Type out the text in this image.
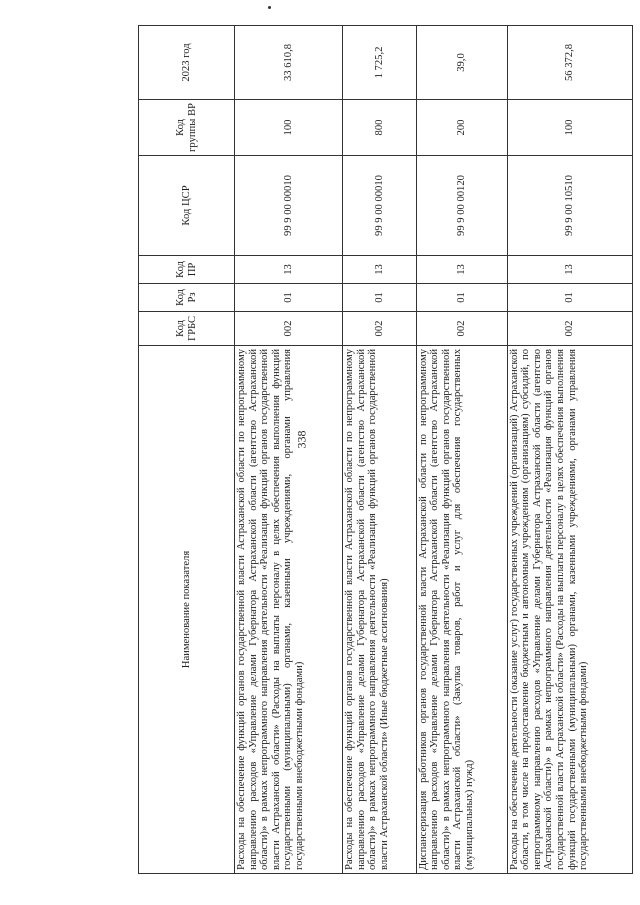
338
Наименование показателя	Код ГРБС	Код Рз	Код ПР	Код ЦСР	Код группы ВР	2023 год
Расходы на обеспечение функций органов государственной власти Астраханской области по непрограммному направлению расходов «Управление делами Губернатора Астраханской области (агентство Астраханской области)» в рамках непрограммного направления деятельности «Реализация функций органов государственной власти Астраханской области» (Расходы на выплаты персоналу в целях обеспечения выполнения функций государственными (муниципальными) органами, казенными учреждениями, органами управления государственными внебюджетными фондами)	002	01	13	99 9 00 00010	100	33 610,8
Расходы на обеспечение функций органов государственной власти Астраханской области по непрограммному направлению расходов «Управление делами Губернатора Астраханской области (агентство Астраханской области)» в рамках непрограммного направления деятельности «Реализация функций органов государственной власти Астраханской области» (Иные бюджетные ассигнования)	002	01	13	99 9 00 00010	800	1 725,2
Диспансеризация работников органов государственной власти Астраханской области по непрограммному направлению расходов «Управление делами Губернатора Астраханской области (агентство Астраханской области)» в рамках непрограммного направления деятельности «Реализация функций органов государственной власти Астраханской области» (Закупка товаров, работ и услуг для обеспечения государственных (муниципальных) нужд)	002	01	13	99 9 00 00120	200	39,0
Расходы на обеспечение деятельности (оказание услуг) государственных учреждений (организаций) Астраханской области, в том числе на предоставление бюджетным и автономным учреждениям (организациям) субсидий, по непрограммному направлению расходов «Управление делами Губернатора Астраханской области (агентство Астраханской области)» в рамках непрограммного направления деятельности «Реализация функций органов государственной власти Астраханской области» (Расходы на выплаты персоналу в целях обеспечения выполнения функций государственными (муниципальными) органами, казенными учреждениями, органами управления государственными внебюджетными фондами)	002	01	13	99 9 00 10510	100	56 372,8
